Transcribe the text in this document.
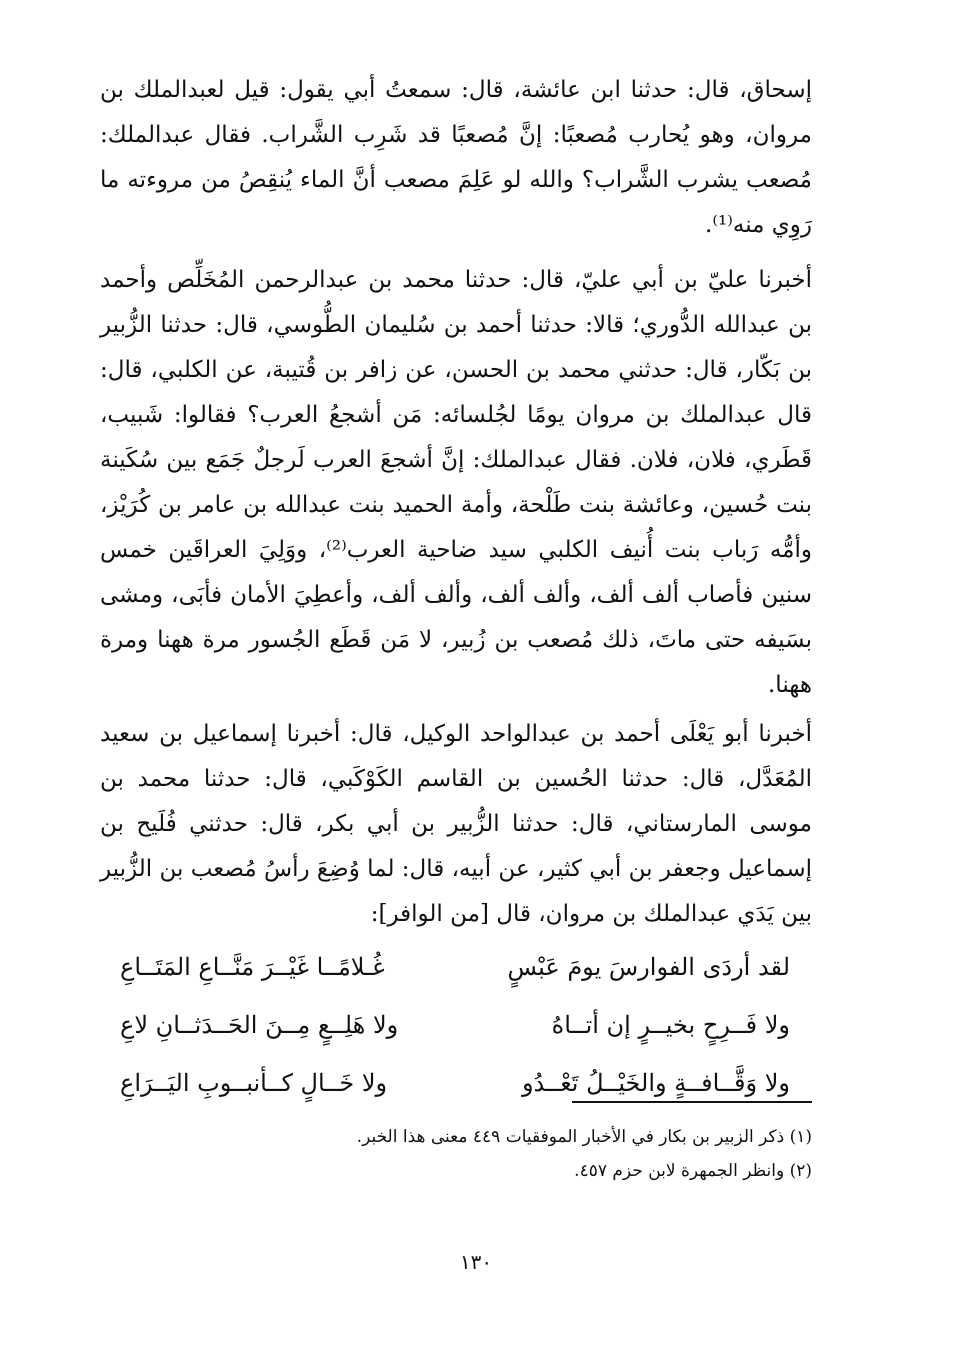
إسحاق، قال: حدثنا ابن عائشة، قال: سمعتُ أبي يقول: قيل لعبدالملك بن مروان، وهو يُحارب مُصعبًا: إنَّ مُصعبًا قد شَرِب الشَّراب. فقال عبدالملك: مُصعب يشرب الشَّراب؟ والله لو عَلِمَ مصعب أنَّ الماء يُنقِصُ من مروءته ما رَوِي منه⁽¹⁾.

أخبرنا عليّ بن أبي عليّ، قال: حدثنا محمد بن عبدالرحمن المُخَلِّص وأحمد بن عبدالله الدُّوري؛ قالا: حدثنا أحمد بن سُليمان الطُّوسي، قال: حدثنا الزُّبير بن بَكّار، قال: حدثني محمد بن الحسن، عن زافر بن قُتيبة، عن الكلبي، قال: قال عبدالملك بن مروان يومًا لجُلسائه: مَن أشجعُ العرب؟ فقالوا: شَبيب، قَطَري، فلان، فلان. فقال عبدالملك: إنَّ أشجعَ العرب لَرجلٌ جَمَع بين سُكَينة بنت حُسين، وعائشة بنت طَلْحة، وأمة الحميد بنت عبدالله بن عامر بن كُرَيْز، وأمُّه رَباب بنت أُنيف الكلبي سيد ضاحية العرب⁽²⁾، ووَلِيَ العراقَين خمس سنين فأصاب ألف ألف، وألف ألف، وألف ألف، وأعطِيَ الأمان فأبَى، ومشى بسَيفه حتى ماتَ، ذلك مُصعب بن زُبير، لا مَن قَطَع الجُسور مرة ههنا ومرة ههنا.

أخبرنا أبو يَعْلَى أحمد بن عبدالواحد الوكيل، قال: أخبرنا إسماعيل بن سعيد المُعَدَّل، قال: حدثنا الحُسين بن القاسم الكَوْكَبي، قال: حدثنا محمد بن موسى المارستاني، قال: حدثنا الزُّبير بن أبي بكر، قال: حدثني فُلَيح بن إسماعيل وجعفر بن أبي كثير، عن أبيه، قال: لما وُضِعَ رأسُ مُصعب بن الزُّبير بين يَدَي عبدالملك بن مروان، قال [من الوافر]:

لقد أردَى الفوارسَ يومَ عَبْسٍ
غُـلامًــا غَيْــرَ مَنَّــاعِ المَتَــاعِ
ولا فَــرِحٍ بخيــرٍ إن أتــاهُ
ولا هَلِــعٍ مِــنَ الحَــدَثــانِ لاعِ
ولا وَقَّــافــةٍ والخَيْــلُ تَعْــدُو
ولا خَــالٍ كــأنبــوبِ اليَــرَاعِ

(١) ذكر الزبير بن بكار في الأخبار الموفقيات ٤٤٩ معنى هذا الخبر.

(٢) وانظر الجمهرة لابن حزم ٤٥٧.

١٣٠
